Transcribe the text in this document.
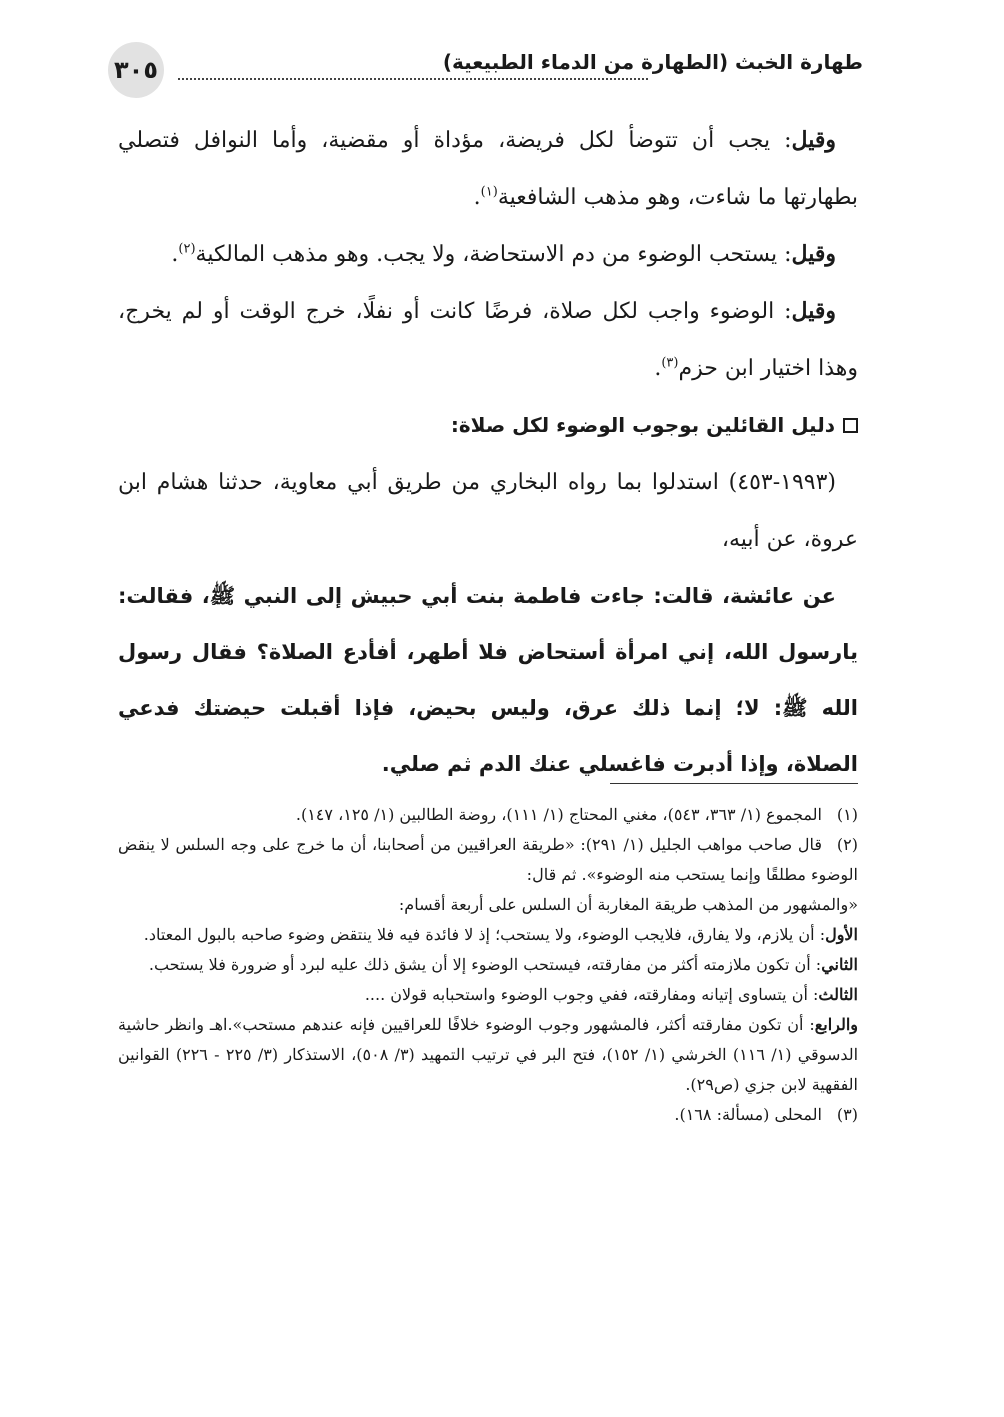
٣٠٥	طهارة الخبث (الطهارة من الدماء الطبيعية)

وقيل: يجب أن تتوضأ لكل فريضة، مؤداة أو مقضية، وأما النوافل فتصلي بطهارتها ما شاءت، وهو مذهب الشافعية$^{(١)}$.

وقيل: يستحب الوضوء من دم الاستحاضة، ولا يجب. وهو مذهب المالكية$^{(٢)}$.

وقيل: الوضوء واجب لكل صلاة، فرضًا كانت أو نفلًا، خرج الوقت أو لم يخرج، وهذا اختيار ابن حزم$^{(٣)}$.

دليل القائلين بوجوب الوضوء لكل صلاة:

(١٩٩٣-٤٥٣) استدلوا بما رواه البخاري من طريق أبي معاوية، حدثنا هشام ابن عروة، عن أبيه،

عن عائشة، قالت: جاءت فاطمة بنت أبي حبيش إلى النبي ﷺ، فقالت: يارسول الله، إني امرأة أستحاض فلا أطهر، أفأدع الصلاة؟ فقال رسول الله ﷺ: لا؛ إنما ذلك عرق، وليس بحيض، فإذا أقبلت حيضتك فدعي الصلاة، وإذا أدبرت فاغسلي عنك الدم ثم صلي.

(١)المجموع (١/ ٣٦٣، ٥٤٣)، مغني المحتاج (١/ ١١١)، روضة الطالبين (١/ ١٢٥، ١٤٧).

(٢)قال صاحب مواهب الجليل (١/ ٢٩١): «طريقة العراقيين من أصحابنا، أن ما خرج على وجه السلس لا ينقض الوضوء مطلقًا وإنما يستحب منه الوضوء». ثم قال:

«والمشهور من المذهب طريقة المغاربة أن السلس على أربعة أقسام:

الأول: أن يلازم، ولا يفارق، فلايجب الوضوء، ولا يستحب؛ إذ لا فائدة فيه فلا ينتقض وضوء صاحبه بالبول المعتاد.

الثاني: أن تكون ملازمته أكثر من مفارقته، فيستحب الوضوء إلا أن يشق ذلك عليه لبرد أو ضرورة فلا يستحب.

الثالث: أن يتساوى إتيانه ومفارقته، ففي وجوب الوضوء واستحبابه قولان ....

والرابع: أن تكون مفارقته أكثر، فالمشهور وجوب الوضوء خلافًا للعراقيين فإنه عندهم مستحب».اهـ وانظر حاشية الدسوقي (١/ ١١٦) الخرشي (١/ ١٥٢)، فتح البر في ترتيب التمهيد (٣/ ٥٠٨)، الاستذكار (٣/ ٢٢٥ - ٢٢٦) القوانين الفقهية لابن جزي (ص٢٩).

(٣)المحلى (مسألة: ١٦٨).
